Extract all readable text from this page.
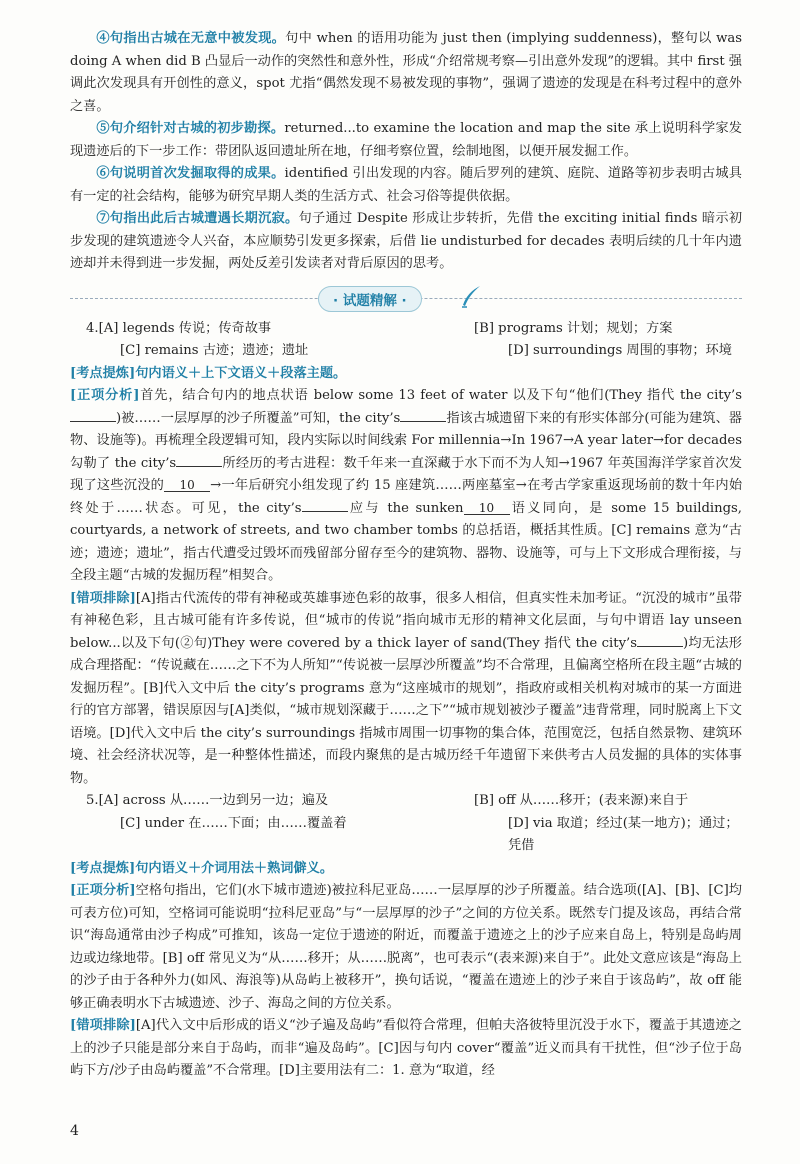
④句指出古城在无意中被发现。句中 when 的语用功能为 just then (implying suddenness)，整句以 was doing A when did B 凸显后一动作的突然性和意外性，形成“介绍常规考察—引出意外发现”的逻辑。其中 first 强调此次发现具有开创性的意义，spot 尤指“偶然发现不易被发现的事物”，强调了遗迹的发现是在科考过程中的意外之喜。

⑤句介绍针对古城的初步勘探。returned...to examine the location and map the site 承上说明科学家发现遗迹后的下一步工作：带团队返回遗址所在地，仔细考察位置，绘制地图，以便开展发掘工作。

⑥句说明首次发掘取得的成果。identified 引出发现的内容。随后罗列的建筑、庭院、道路等初步表明古城具有一定的社会结构，能够为研究早期人类的生活方式、社会习俗等提供依据。

⑦句指出此后古城遭遇长期沉寂。句子通过 Despite 形成让步转折，先借 the exciting initial finds 暗示初步发现的建筑遗迹令人兴奋，本应顺势引发更多探索，后借 lie undisturbed for decades 表明后续的几十年内遗迹却并未得到进一步发掘，两处反差引发读者对背后原因的思考。

· 试题精解 ·
4.[A] legends 传说；传奇故事	[B] programs 计划；规划；方案
[C] remains 古迹；遗迹；遗址	[D] surroundings 周围的事物；环境

[考点提炼]句内语义＋上下文语义＋段落主题。

[正项分析]首先，结合句内的地点状语 below some 13 feet of water 以及下句“他们(They 指代 the city’s)被……一层厚厚的沙子所覆盖”可知，the city’s	指该古城遗留下来的有形实体部分(可能为建筑、器物、设施等)。再梳理全段逻辑可知，段内实际以时间线索 For millennia→In 1967→A year later→for decades 勾勒了 the city’s	所经历的考古进程：数千年来一直深藏于水下而不为人知→1967 年英国海洋学家首次发现了这些沉没的 10 →一年后研究小组发现了约 15 座建筑……两座墓室→在考古学家重返现场前的数十年内始终处于……状态。可见，the city’s	应与 the sunken 10 语义同向，是 some 15 buildings, courtyards, a network of streets, and two chamber tombs 的总括语，概括其性质。[C] remains 意为“古迹；遗迹；遗址”，指古代遭受过毁坏而残留部分留存至今的建筑物、器物、设施等，可与上下文形成合理衔接，与全段主题“古城的发掘历程”相契合。

[错项排除][A]指古代流传的带有神秘或英雄事迹色彩的故事，很多人相信，但真实性未加考证。“沉没的城市”虽带有神秘色彩，且古城可能有许多传说，但“城市的传说”指向城市无形的精神文化层面，与句中谓语 lay unseen below...以及下句(②句)They were covered by a thick layer of sand(They 指代 the city’s	)均无法形成合理搭配：“传说藏在……之下不为人所知”“传说被一层厚沙所覆盖”均不合常理，且偏离空格所在段主题“古城的发掘历程”。[B]代入文中后 the city’s programs 意为“这座城市的规划”，指政府或相关机构对城市的某一方面进行的官方部署，错误原因与[A]类似，“城市规划深藏于……之下”“城市规划被沙子覆盖”违背常理，同时脱离上下文语境。[D]代入文中后 the city’s surroundings 指城市周围一切事物的集合体，范围宽泛，包括自然景物、建筑环境、社会经济状况等，是一种整体性描述，而段内聚焦的是古城历经千年遗留下来供考古人员发掘的具体的实体事物。

5.[A] across 从……一边到另一边；遍及	[B] off 从……移开；(表来源)来自于
[C] under 在……下面；由……覆盖着	[D] via 取道；经过(某一地方)；通过；凭借

[考点提炼]句内语义＋介词用法＋熟词僻义。

[正项分析]空格句指出，它们(水下城市遗迹)被拉科尼亚岛……一层厚厚的沙子所覆盖。结合选项([A]、[B]、[C]均可表方位)可知，空格词可能说明“拉科尼亚岛”与“一层厚厚的沙子”之间的方位关系。既然专门提及该岛，再结合常识“海岛通常由沙子构成”可推知，该岛一定位于遗迹的附近，而覆盖于遗迹之上的沙子应来自岛上，特别是岛屿周边或边缘地带。[B] off 常见义为“从……移开；从……脱离”，也可表示“(表来源)来自于”。此处文意应该是“海岛上的沙子由于各种外力(如风、海浪等)从岛屿上被移开”，换句话说，“覆盖在遗迹上的沙子来自于该岛屿”，故 off 能够正确表明水下古城遗迹、沙子、海岛之间的方位关系。

[错项排除][A]代入文中后形成的语义“沙子遍及岛屿”看似符合常理，但帕夫洛彼特里沉没于水下，覆盖于其遗迹之上的沙子只能是部分来自于岛屿，而非“遍及岛屿”。[C]因与句内 cover“覆盖”近义而具有干扰性，但“沙子位于岛屿下方/沙子由岛屿覆盖”不合常理。[D]主要用法有二：1. 意为“取道，经

4
